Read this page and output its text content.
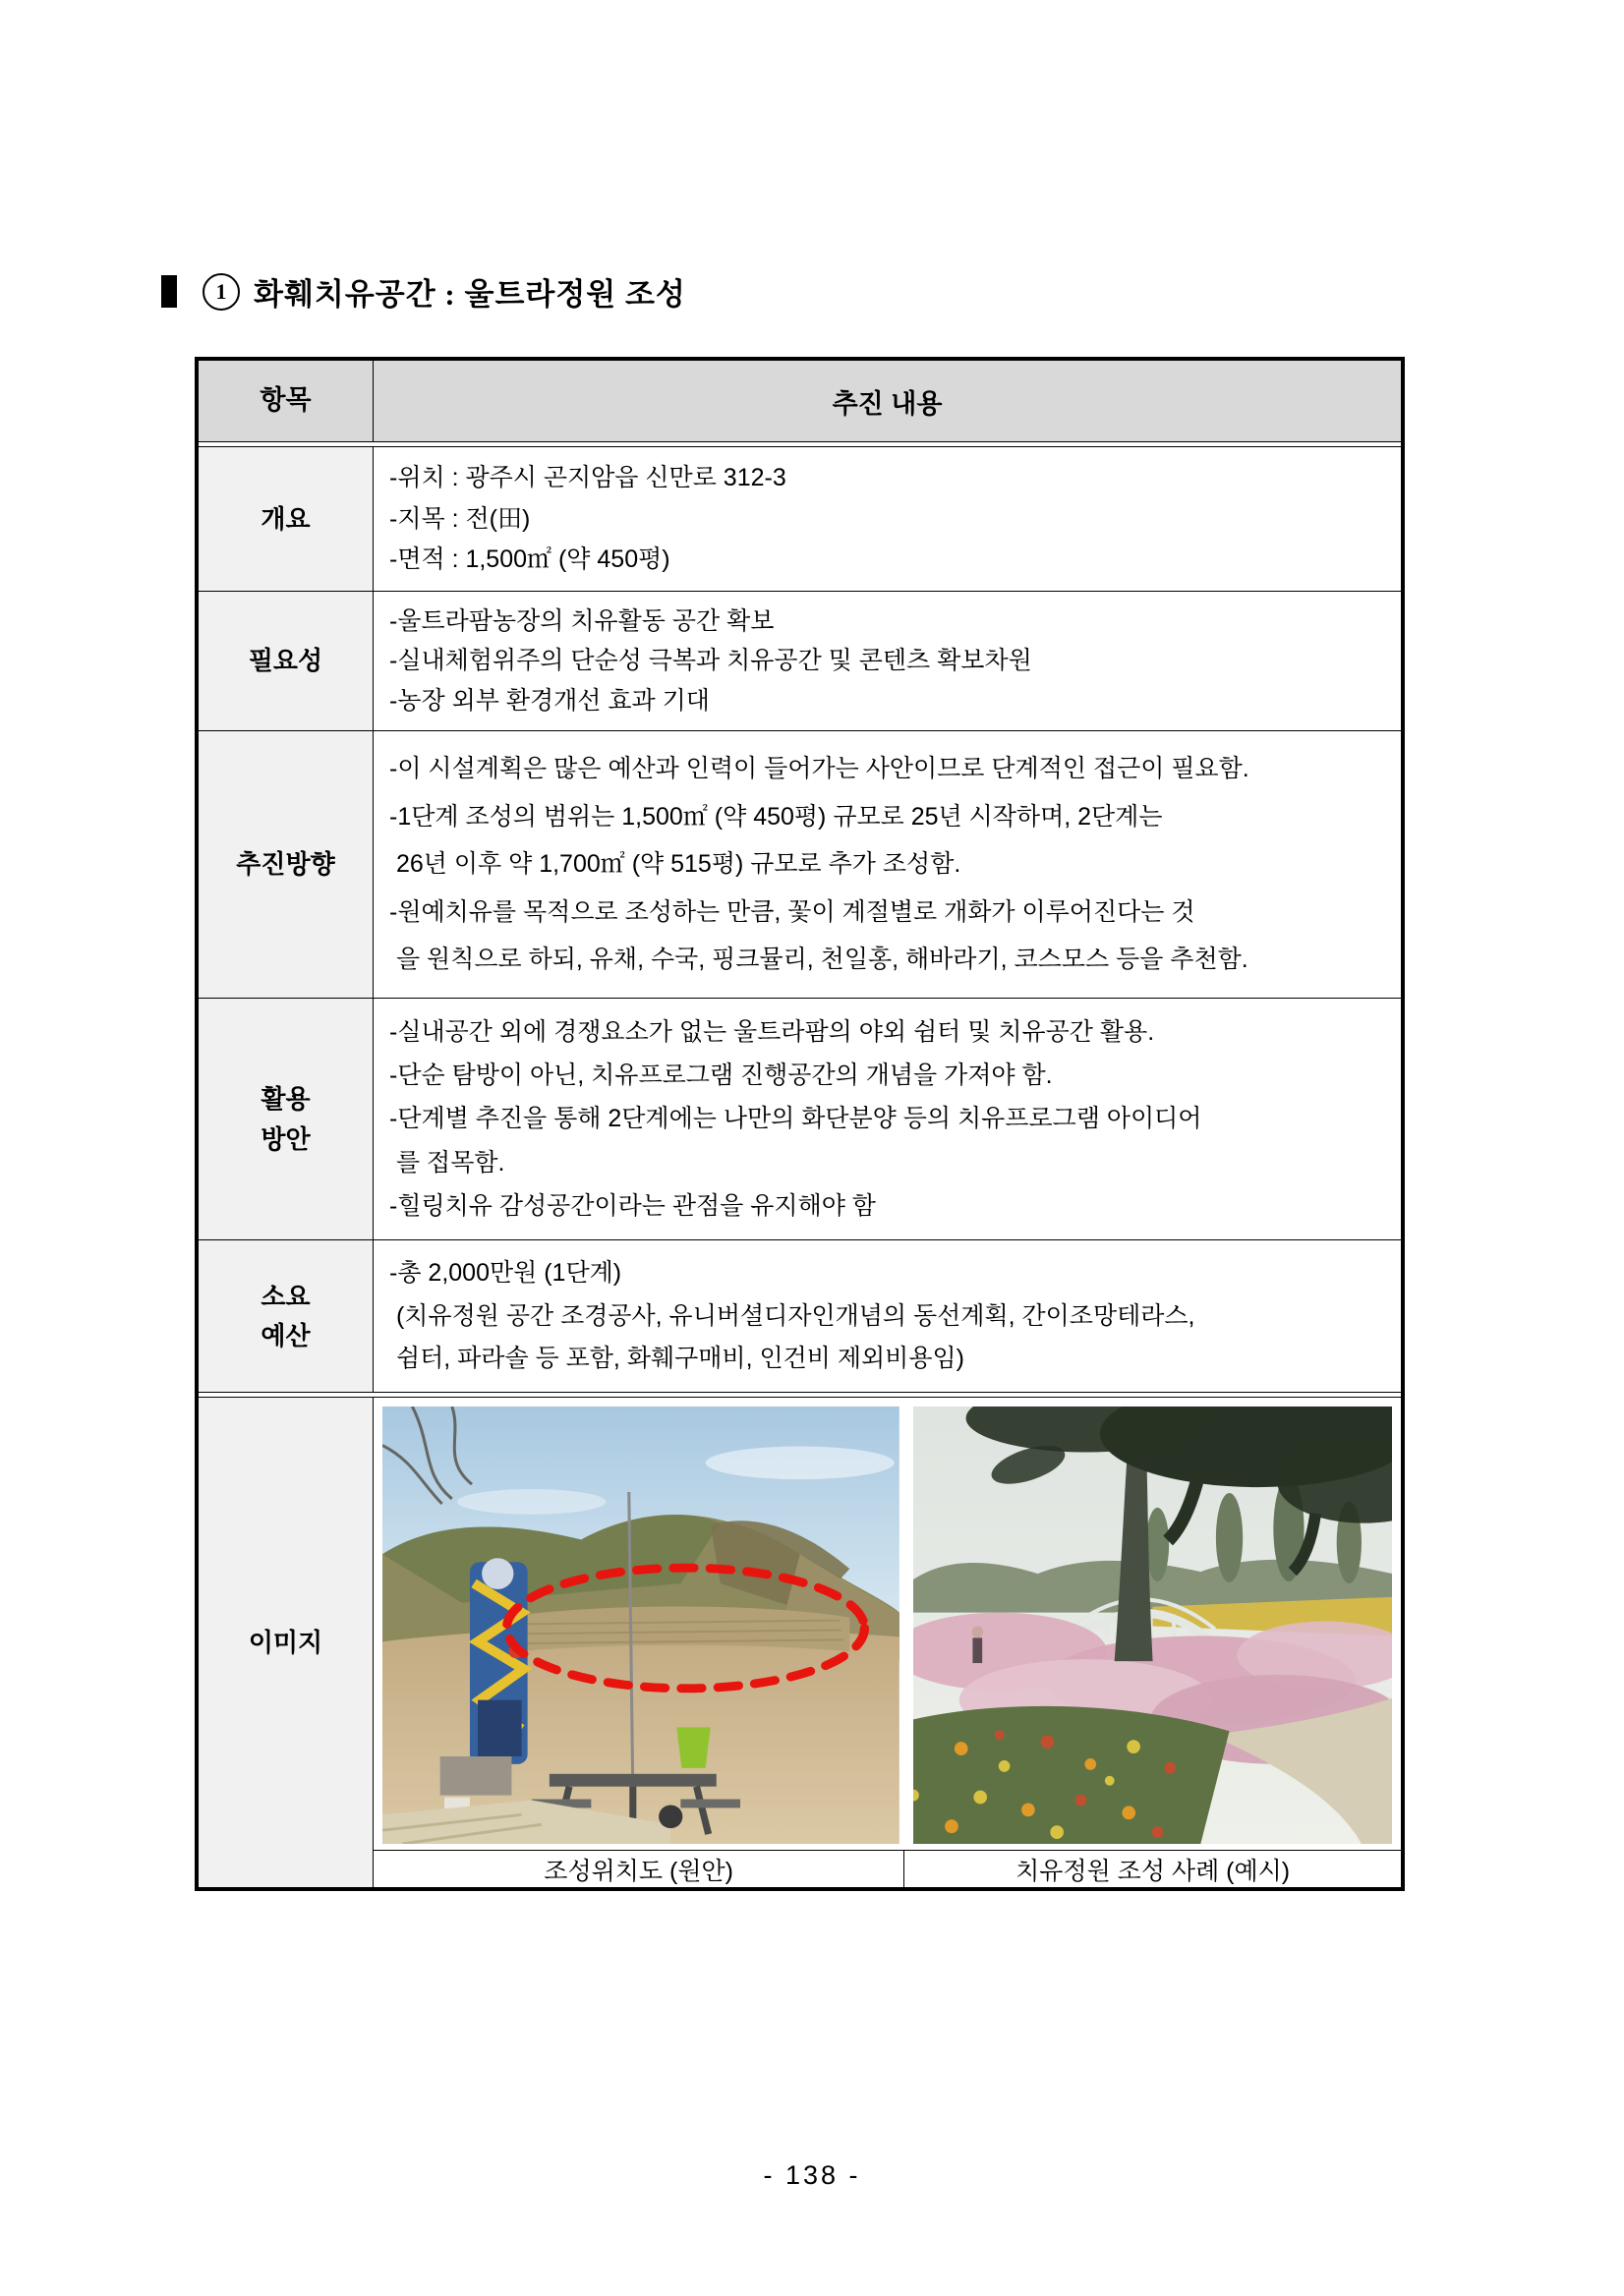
1 화훼치유공간 : 울트라정원 조성
항목	추진 내용
개요
-위치 : 광주시 곤지암읍 신만로 312-3
-지목 : 전(田)
-면적 : 1,500㎡ (약 450평)
필요성
-울트라팜농장의 치유활동 공간 확보
-실내체험위주의 단순성 극복과 치유공간 및 콘텐츠 확보차원
-농장 외부 환경개선 효과 기대
추진방향
-이 시설계획은 많은 예산과 인력이 들어가는 사안이므로 단계적인 접근이 필요함.
-1단계 조성의 범위는 1,500㎡ (약 450평) 규모로 25년 시작하며, 2단계는
26년 이후 약 1,700㎡ (약 515평) 규모로 추가 조성함.
-원예치유를 목적으로 조성하는 만큼, 꽃이 계절별로 개화가 이루어진다는 것
을 원칙으로 하되, 유채, 수국, 핑크뮬리, 천일홍, 해바라기, 코스모스 등을 추천함.
활용
방안
-실내공간 외에 경쟁요소가 없는 울트라팜의 야외 쉼터 및 치유공간 활용.
-단순 탐방이 아닌, 치유프로그램 진행공간의 개념을 가져야 함.
-단계별 추진을 통해 2단계에는 나만의 화단분양 등의 치유프로그램 아이디어
를 접목함.
-힐링치유 감성공간이라는 관점을 유지해야 함
소요
예산
-총 2,000만원 (1단계)
(치유정원 공간 조경공사, 유니버셜디자인개념의 동선계획, 간이조망테라스,
쉼터, 파라솔 등 포함, 화훼구매비, 인건비 제외비용임)
이미지
조성위치도 (원안)	치유정원 조성 사례 (예시)
- 138 -
